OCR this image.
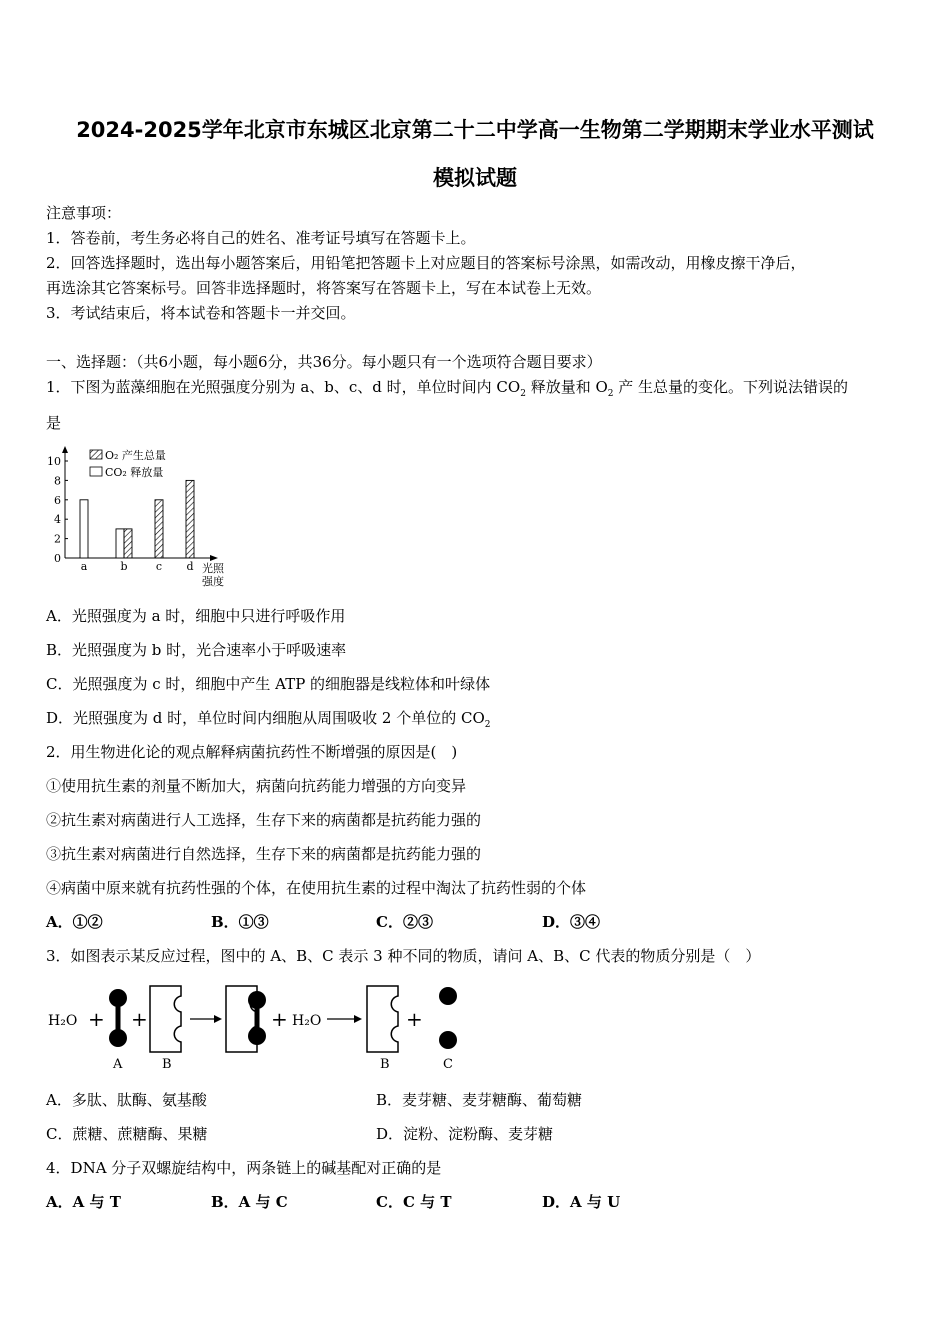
2024-2025学年北京市东城区北京第二十二中学高一生物第二学期期末学业水平测试
模拟试题
注意事项：
1．答卷前，考生务必将自己的姓名、准考证号填写在答题卡上。
2．回答选择题时，选出每小题答案后，用铅笔把答题卡上对应题目的答案标号涂黑，如需改动，用橡皮擦干净后，
再选涂其它答案标号。回答非选择题时，将答案写在答题卡上，写在本试卷上无效。
3．考试结束后，将本试卷和答题卡一并交回。
一、选择题：（共6小题，每小题6分，共36分。每小题只有一个选项符合题目要求）
1．下图为蓝藻细胞在光照强度分别为 a、b、c、d 时，单位时间内 $CO_2$ 释放量和 $O_2$ 产 生总量的变化。下列说法错误的
是
0
2
4
6
8
10
a	b	c d
O₂ 产生总量
CO₂ 释放量
光照
强度
A．光照强度为 a 时，细胞中只进行呼吸作用
B．光照强度为 b 时，光合速率小于呼吸速率
C．光照强度为 c 时，细胞中产生 ATP 的细胞器是线粒体和叶绿体
D．光照强度为 d 时，单位时间内细胞从周围吸收 2 个单位的 $CO_2$
2．用生物进化论的观点解释病菌抗药性不断增强的原因是(　)
①使用抗生素的剂量不断加大，病菌向抗药能力增强的方向变异
②抗生素对病菌进行人工选择，生存下来的病菌都是抗药能力强的
③抗生素对病菌进行自然选择，生存下来的病菌都是抗药能力强的
④病菌中原来就有抗药性强的个体，在使用抗生素的过程中淘汰了抗药性弱的个体
A．①②	B．①③	C．②③	D．③④
3．如图表示某反应过程，图中的 A、B、C 表示 3 种不同的物质，请问 A、B、C 代表的物质分别是（　）
H₂O + +	+ H₂O	+
A	B	B	C
A．多肽、肽酶、氨基酸	B．麦芽糖、麦芽糖酶、葡萄糖
C．蔗糖、蔗糖酶、果糖	D．淀粉、淀粉酶、麦芽糖
4．DNA 分子双螺旋结构中，两条链上的碱基配对正确的是
A．A 与 T	B．A 与 C	C．C 与 T	D．A 与 U
